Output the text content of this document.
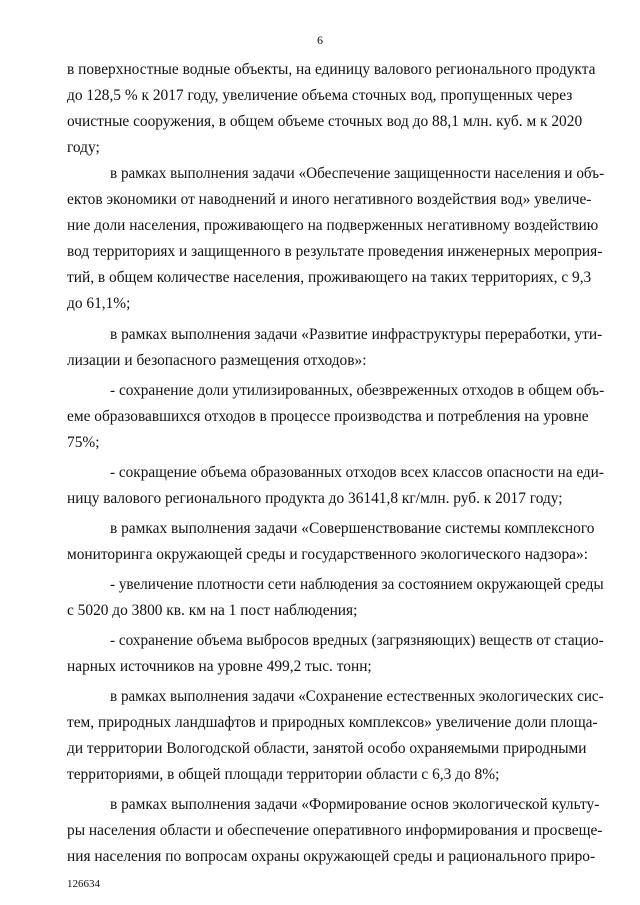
6
в поверхностные водные объекты, на единицу валового регионального продукта
до 128,5 % к 2017 году, увеличение объема сточных вод, пропущенных через
очистные сооружения, в общем объеме сточных вод до 88,1 млн. куб. м к 2020
году;
в рамках выполнения задачи «Обеспечение защищенности населения и объ-
ектов экономики от наводнений и иного негативного воздействия вод» увеличе-
ние доли населения, проживающего на подверженных негативному воздействию
вод территориях и защищенного в результате проведения инженерных мероприя-
тий, в общем количестве населения, проживающего на таких территориях, с 9,3
до 61,1%;
в рамках выполнения задачи «Развитие инфраструктуры переработки, ути-
лизации и безопасного размещения отходов»:
- сохранение доли утилизированных, обезвреженных отходов в общем объ-
еме образовавшихся отходов в процессе производства и потребления на уровне
75%;
- сокращение объема образованных отходов всех классов опасности на еди-
ницу валового регионального продукта до 36141,8 кг/млн. руб. к 2017 году;
в рамках выполнения задачи «Совершенствование системы комплексного
мониторинга окружающей среды и государственного экологического надзора»:
- увеличение плотности сети наблюдения за состоянием окружающей среды
с 5020 до 3800 кв. км на 1 пост наблюдения;
- сохранение объема выбросов вредных (загрязняющих) веществ от стацио-
нарных источников на уровне 499,2 тыс. тонн;
в рамках выполнения задачи «Сохранение естественных экологических сис-
тем, природных ландшафтов и природных комплексов» увеличение доли площа-
ди территории Вологодской области, занятой особо охраняемыми природными
территориями, в общей площади территории области с 6,3 до 8%;
в рамках выполнения задачи «Формирование основ экологической культу-
ры населения области и обеспечение оперативного информирования и просвеще-
ния населения по вопросам охраны окружающей среды и рационального приро-
126634
